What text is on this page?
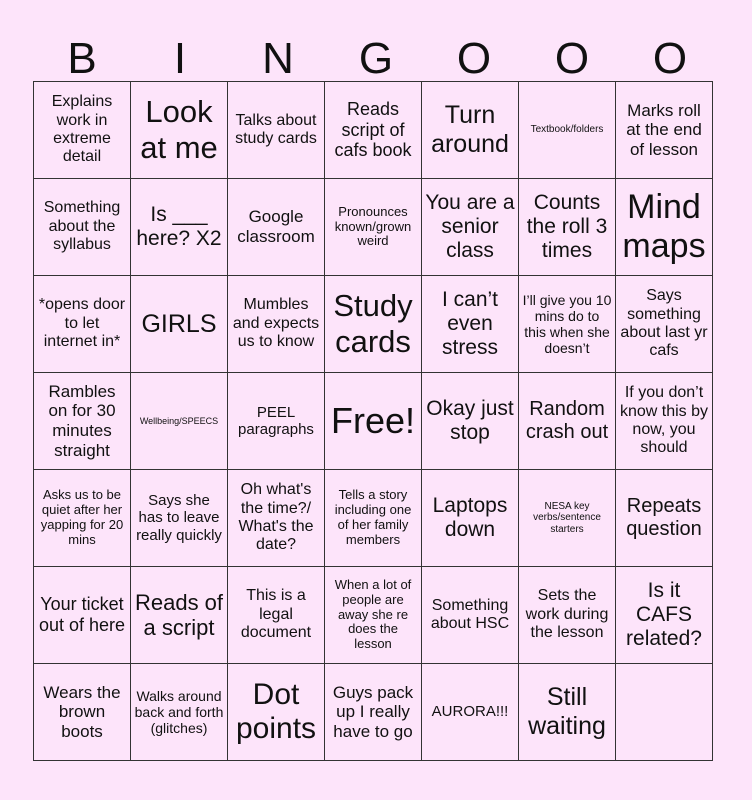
B	I	N	G	O	O	O
Explains work in extreme detail	Look at me	Talks about study cards	Reads script of cafs book	Turn around	Textbook/folders	Marks roll at the end of lesson
Something about the syllabus	Is ___ here? X2	Google classroom	Pronounces known/grown weird	You are a senior class	Counts the roll 3 times	Mind maps
*opens door to let internet in*	GIRLS	Mumbles and expects us to know	Study cards	I can’t even stress	I’ll give you 10 mins do to this when she doesn’t	Says something about last yr cafs
Rambles on for 30 minutes straight	Wellbeing/SPEECS	PEEL paragraphs	Free!	Okay just stop	Random crash out	If you don’t know this by now, you should
Asks us to be quiet after her yapping for 20 mins	Says she has to leave really quickly	Oh what's the time?/ What's the date?	Tells a story including one of her family members	Laptops down	NESA key verbs/sentence starters	Repeats question
Your ticket out of here	Reads of a script	This is a legal document	When a lot of people are away she re does the lesson	Something about HSC	Sets the work during the lesson	Is it CAFS related?
Wears the brown boots	Walks around back and forth (glitches)	Dot points	Guys pack up I really have to go	AURORA!!!	Still waiting	
